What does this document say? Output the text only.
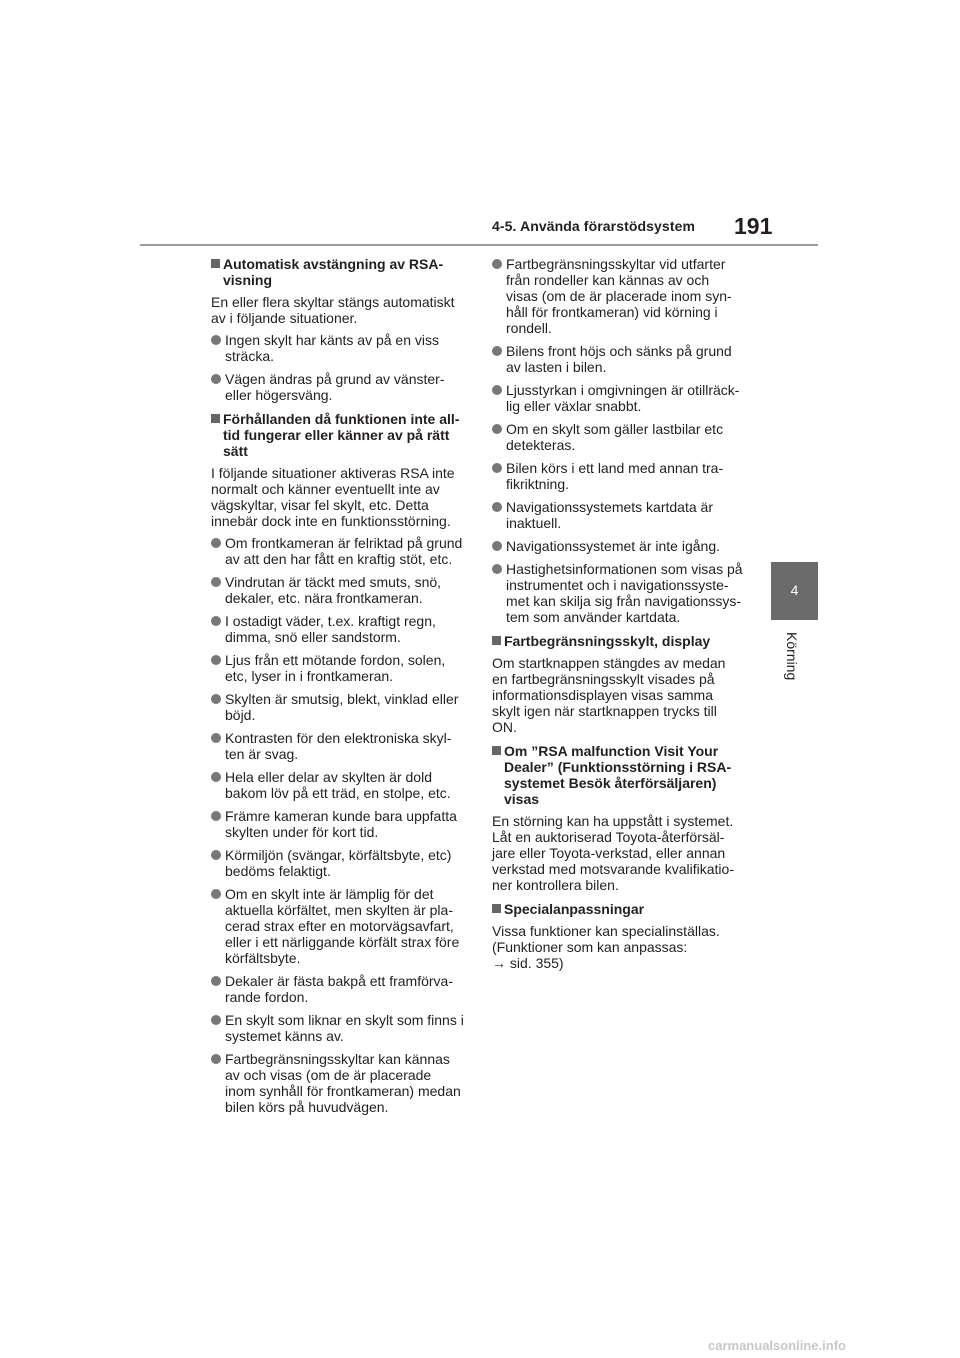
4-5. Använda förarstödsystem 191
4
Körning
Automatisk avstängning av RSA-
visning
En eller flera skyltar stängs automatiskt
av i följande situationer.
Ingen skylt har känts av på en viss
sträcka.
Vägen ändras på grund av vänster-
eller högersväng.
Förhållanden då funktionen inte all-
tid fungerar eller känner av på rätt
sätt
I följande situationer aktiveras RSA inte
normalt och känner eventuellt inte av
vägskyltar, visar fel skylt, etc. Detta
innebär dock inte en funktionsstörning.
Om frontkameran är felriktad på grund
av att den har fått en kraftig stöt, etc.
Vindrutan är täckt med smuts, snö,
dekaler, etc. nära frontkameran.
I ostadigt väder, t.ex. kraftigt regn,
dimma, snö eller sandstorm.
Ljus från ett mötande fordon, solen,
etc, lyser in i frontkameran.
Skylten är smutsig, blekt, vinklad eller
böjd.
Kontrasten för den elektroniska skyl-
ten är svag.
Hela eller delar av skylten är dold
bakom löv på ett träd, en stolpe, etc.
Främre kameran kunde bara uppfatta
skylten under för kort tid.
Körmiljön (svängar, körfältsbyte, etc)
bedöms felaktigt.
Om en skylt inte är lämplig för det
aktuella körfältet, men skylten är pla-
cerad strax efter en motorvägsavfart,
eller i ett närliggande körfält strax före
körfältsbyte.
Dekaler är fästa bakpå ett framförva-
rande fordon.
En skylt som liknar en skylt som finns i
systemet känns av.
Fartbegränsningsskyltar kan kännas
av och visas (om de är placerade
inom synhåll för frontkameran) medan
bilen körs på huvudvägen.
Fartbegränsningsskyltar vid utfarter
från rondeller kan kännas av och
visas (om de är placerade inom syn-
håll för frontkameran) vid körning i
rondell.
Bilens front höjs och sänks på grund
av lasten i bilen.
Ljusstyrkan i omgivningen är otillräck-
lig eller växlar snabbt.
Om en skylt som gäller lastbilar etc
detekteras.
Bilen körs i ett land med annan tra-
fikriktning.
Navigationssystemets kartdata är
inaktuell.
Navigationssystemet är inte igång.
Hastighetsinformationen som visas på
instrumentet och i navigationssyste-
met kan skilja sig från navigationssys-
tem som använder kartdata.
Fartbegränsningsskylt, display
Om startknappen stängdes av medan
en fartbegränsningsskylt visades på
informationsdisplayen visas samma
skylt igen när startknappen trycks till
ON.
Om ”RSA malfunction Visit Your
Dealer” (Funktionsstörning i RSA-
systemet Besök återförsäljaren)
visas
En störning kan ha uppstått i systemet.
Låt en auktoriserad Toyota-återförsäl-
jare eller Toyota-verkstad, eller annan
verkstad med motsvarande kvalifikatio-
ner kontrollera bilen.
Specialanpassningar
Vissa funktioner kan specialinställas.
(Funktioner som kan anpassas:
→ sid. 355)
carmanualsonline.info
